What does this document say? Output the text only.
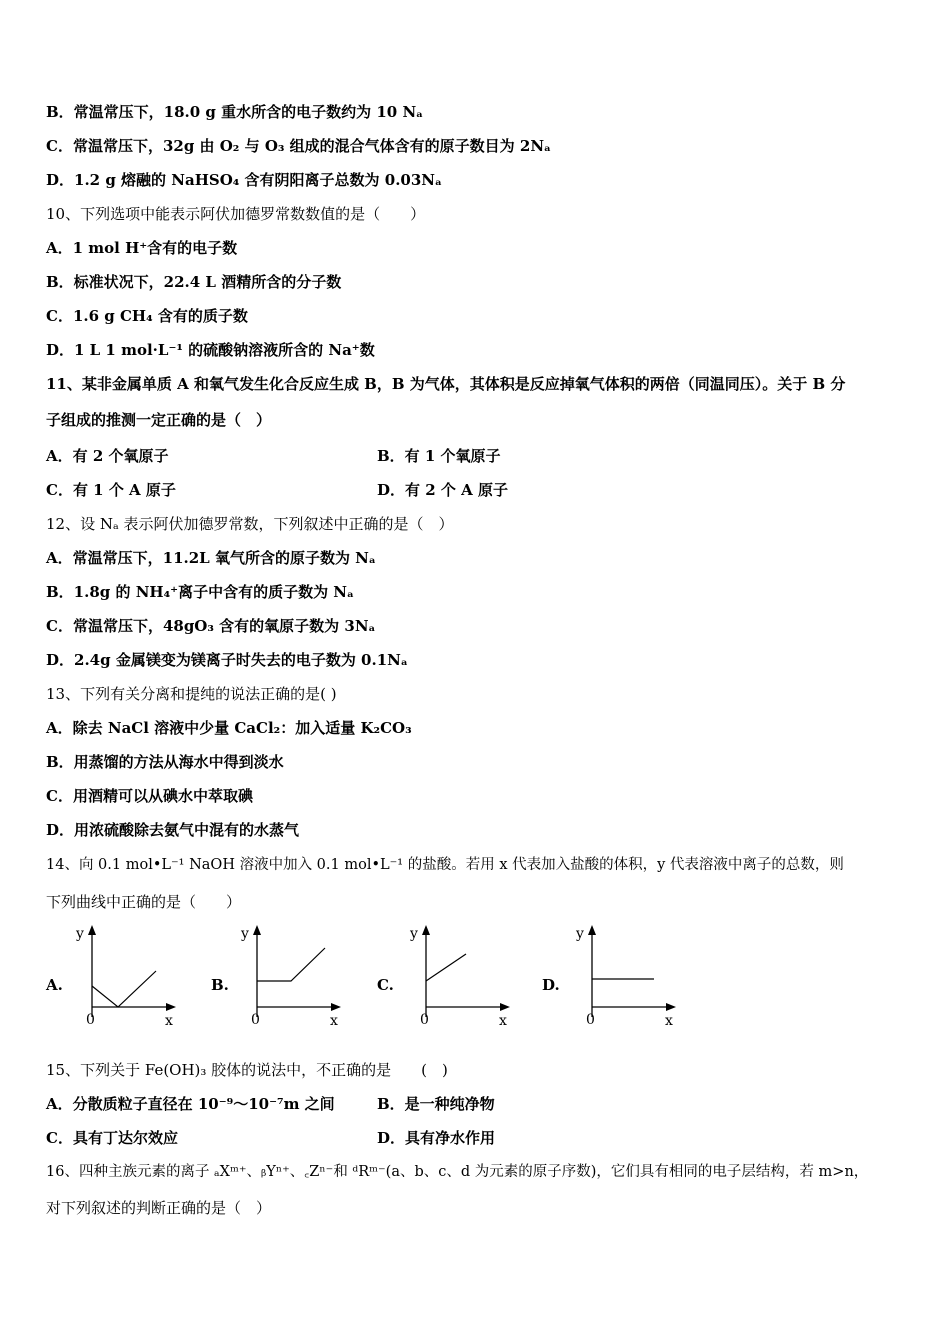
B．常温常压下，18.0 g 重水所含的电子数约为 10 Nₐ
C．常温常压下，32g 由 O₂ 与 O₃ 组成的混合气体含有的原子数目为 2Nₐ
D．1.2 g 熔融的 NaHSO₄ 含有阴阳离子总数为 0.03Nₐ
10、下列选项中能表示阿伏加德罗常数数值的是（　　）
A．1 mol H⁺含有的电子数
B．标准状况下，22.4 L 酒精所含的分子数
C．1.6 g CH₄ 含有的质子数
D．1 L 1 mol·L⁻¹ 的硫酸钠溶液所含的 Na⁺数
11、某非金属单质 A 和氧气发生化合反应生成 B，B 为气体，其体积是反应掉氧气体积的两倍（同温同压）。关于 B 分
子组成的推测一定正确的是（　）
A．有 2 个氧原子	B．有 1 个氧原子
C．有 1 个 A 原子	D．有 2 个 A 原子
12、设 Nₐ 表示阿伏加德罗常数，下列叙述中正确的是（　）
A．常温常压下，11.2L 氧气所含的原子数为 Nₐ
B．1.8g 的 NH₄⁺离子中含有的质子数为 Nₐ
C．常温常压下，48gO₃ 含有的氧原子数为 3Nₐ
D．2.4g 金属镁变为镁离子时失去的电子数为 0.1Nₐ
13、下列有关分离和提纯的说法正确的是( )
A．除去 NaCl 溶液中少量 CaCl₂：加入适量 K₂CO₃
B．用蒸馏的方法从海水中得到淡水
C．用酒精可以从碘水中萃取碘
D．用浓硫酸除去氨气中混有的水蒸气
14、向 0.1 mol•L⁻¹ NaOH 溶液中加入 0.1 mol•L⁻¹ 的盐酸。若用 x 代表加入盐酸的体积，y 代表溶液中离子的总数，则
下列曲线中正确的是（　　）
A.	B.	C.	D.
y
x
0
y
x
0
y
x
0
y
x
0
15、下列关于 Fe(OH)₃ 胶体的说法中，不正确的是　　(　)
A．分散质粒子直径在 10⁻⁹～10⁻⁷m 之间	B．是一种纯净物
C．具有丁达尔效应	D．具有净水作用
16、四种主族元素的离子 ₐXᵐ⁺、ᵦYⁿ⁺、꜀Zⁿ⁻和 ᵈRᵐ⁻(a、b、c、d 为元素的原子序数)，它们具有相同的电子层结构，若 m>n，
对下列叙述的判断正确的是（　）
